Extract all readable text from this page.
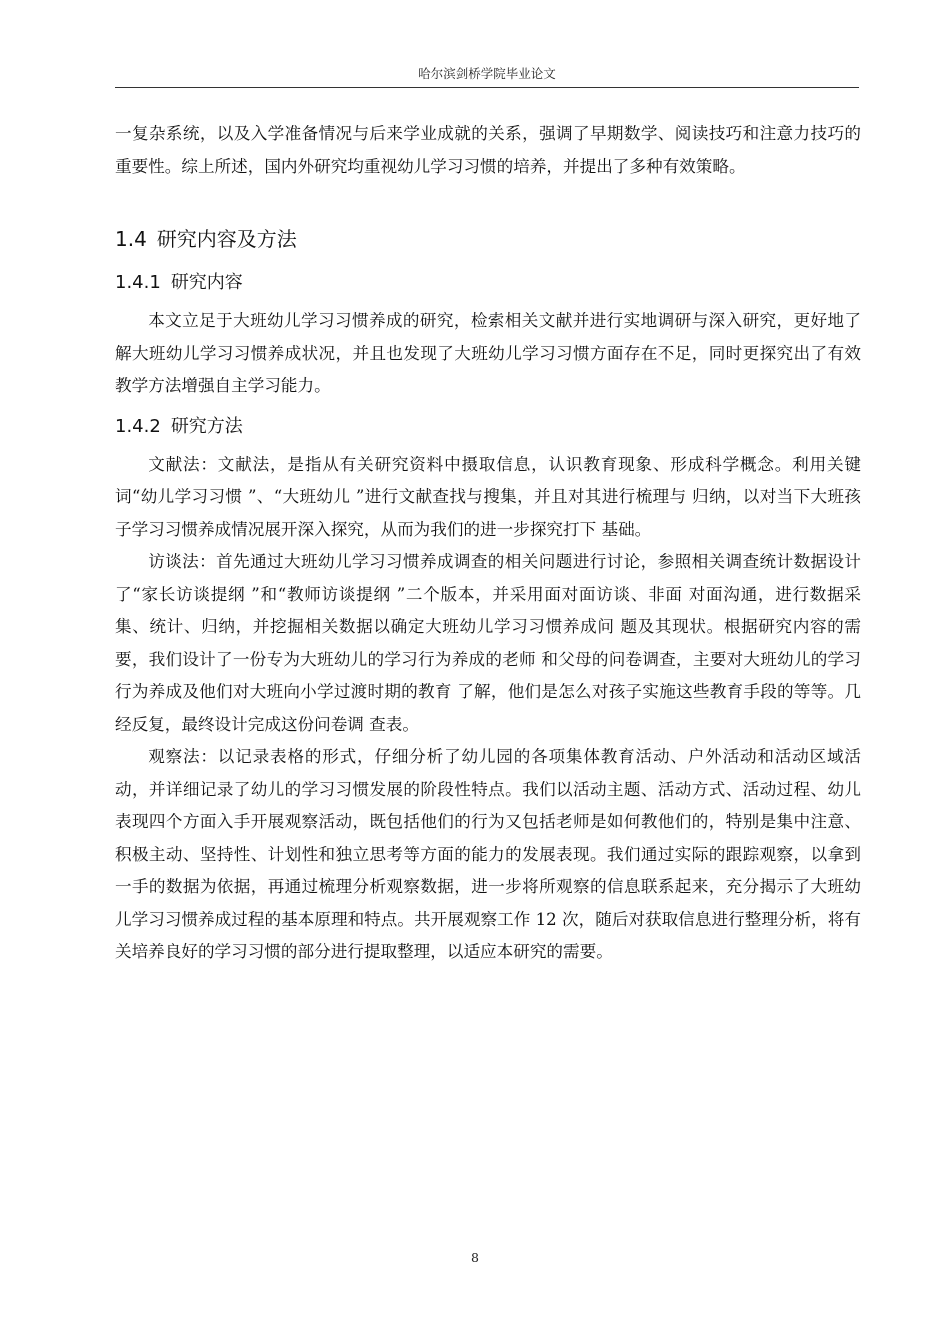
哈尔滨剑桥学院毕业论文

一复杂系统，以及入学准备情况与后来学业成就的关系，强调了早期数学、阅读技巧和注意力技巧的重要性。综上所述，国内外研究均重视幼儿学习习惯的培养，并提出了多种有效策略。

1.4 研究内容及方法
1.4.1 研究内容

本文立足于大班幼儿学习习惯养成的研究，检索相关文献并进行实地调研与深入研究，更好地了解大班幼儿学习习惯养成状况，并且也发现了大班幼儿学习习惯方面存在不足，同时更探究出了有效教学方法增强自主学习能力。

1.4.2 研究方法

文献法：文献法，是指从有关研究资料中摄取信息，认识教育现象、形成科学概念。利用关键词“幼儿学习习惯 ”、“大班幼儿 ”进行文献查找与搜集，并且对其进行梳理与 归纳，以对当下大班孩子学习习惯养成情况展开深入探究，从而为我们的进一步探究打下 基础。

访谈法：首先通过大班幼儿学习习惯养成调查的相关问题进行讨论，参照相关调查统计数据设计了“家长访谈提纲 ”和“教师访谈提纲 ”二个版本，并采用面对面访谈、非面 对面沟通，进行数据采集、统计、归纳，并挖掘相关数据以确定大班幼儿学习习惯养成问 题及其现状。根据研究内容的需要，我们设计了一份专为大班幼儿的学习行为养成的老师 和父母的问卷调查，主要对大班幼儿的学习行为养成及他们对大班向小学过渡时期的教育 了解，他们是怎么对孩子实施这些教育手段的等等。几经反复，最终设计完成这份问卷调 查表。

观察法：以记录表格的形式，仔细分析了幼儿园的各项集体教育活动、户外活动和活动区域活动，并详细记录了幼儿的学习习惯发展的阶段性特点。我们以活动主题、活动方式、活动过程、幼儿表现四个方面入手开展观察活动，既包括他们的行为又包括老师是如何教他们的，特别是集中注意、积极主动、坚持性、计划性和独立思考等方面的能力的发展表现。我们通过实际的跟踪观察，以拿到一手的数据为依据，再通过梳理分析观察数据，进一步将所观察的信息联系起来，充分揭示了大班幼儿学习习惯养成过程的基本原理和特点。共开展观察工作 12 次，随后对获取信息进行整理分析，将有关培养良好的学习习惯的部分进行提取整理，以适应本研究的需要。

8
